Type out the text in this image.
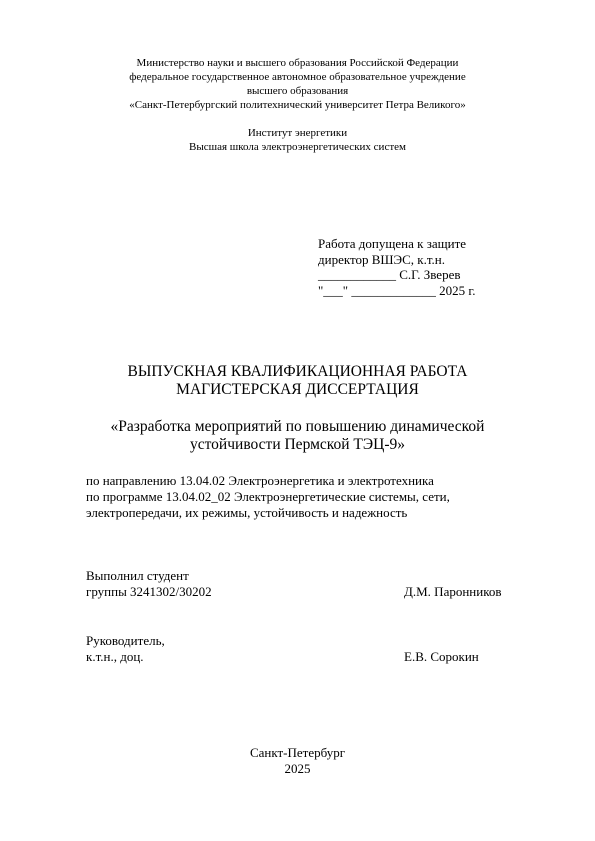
Министерство науки и высшего образования Российской Федерации
федеральное государственное автономное образовательное учреждение
высшего образования
«Санкт-Петербургский политехнический университет Петра Великого»
Институт энергетики
Высшая школа электроэнергетических систем
Работа допущена к защите
директор ВШЭС, к.т.н.
____________ С.Г. Зверев
"___" _____________ 2025 г.
ВЫПУСКНАЯ КВАЛИФИКАЦИОННАЯ РАБОТА
МАГИСТЕРСКАЯ ДИССЕРТАЦИЯ
«Разработка мероприятий по повышению динамической
устойчивости Пермской ТЭЦ-9»
по направлению 13.04.02 Электроэнергетика и электротехника
по программе 13.04.02_02 Электроэнергетические системы, сети,
электропередачи, их режимы, устойчивость и надежность
Выполнил студент
группы 3241302/30202	Д.М. Паронников
Руководитель,
к.т.н., доц.	Е.В. Сорокин
Санкт-Петербург
2025
